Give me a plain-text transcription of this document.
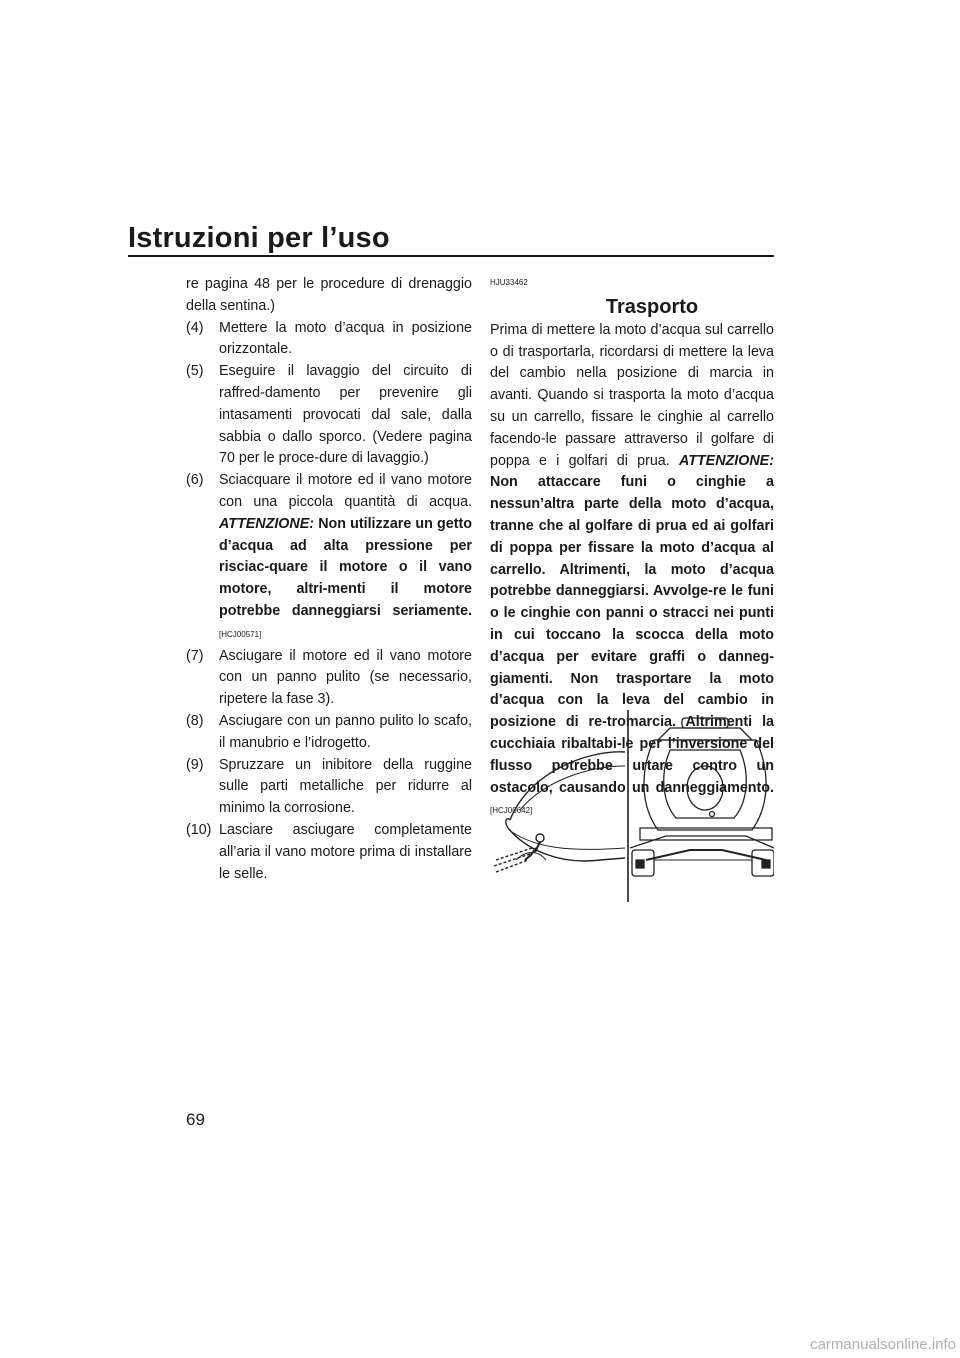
Istruzioni per l’uso

re pagina 48 per le procedure di drenaggio della sentina.)

(4) Mettere la moto d’acqua in posizione orizzontale.
(5) Eseguire il lavaggio del circuito di raffred-damento per prevenire gli intasamenti provocati dal sale, dalla sabbia o dallo sporco. (Vedere pagina 70 per le proce-dure di lavaggio.)
(6) Sciacquare il motore ed il vano motore con una piccola quantità di acqua. ATTENZIONE: Non utilizzare un getto d’acqua ad alta pressione per risciac-quare il motore o il vano motore, altri-menti il motore potrebbe danneggiarsi seriamente. [HCJ00571]
(7) Asciugare il motore ed il vano motore con un panno pulito (se necessario, ripetere la fase 3).
(8) Asciugare con un panno pulito lo scafo, il manubrio e l’idrogetto.
(9) Spruzzare un inibitore della ruggine sulle parti metalliche per ridurre al minimo la corrosione.
(10) Lasciare asciugare completamente all’aria il vano motore prima di installare le selle.
HJU33462
Trasporto

Prima di mettere la moto d’acqua sul carrello o di trasportarla, ricordarsi di mettere la leva del cambio nella posizione di marcia in avanti. Quando si trasporta la moto d’acqua su un carrello, fissare le cinghie al carrello facendo-le passare attraverso il golfare di poppa e i golfari di prua. ATTENZIONE: Non attaccare funi o cinghie a nessun’altra parte della moto d’acqua, tranne che al golfare di prua ed ai golfari di poppa per fissare la moto d’acqua al carrello. Altrimenti, la moto d’acqua potrebbe danneggiarsi. Avvolge-re le funi o le cinghie con panni o stracci nei punti in cui toccano la scocca della moto d’acqua per evitare graffi o danneg-giamenti. Non trasportare la moto d’acqua con la leva del cambio in posizione di re-tromarcia. Altrimenti la cucchiaia ribaltabi-le per l’inversione del flusso potrebbe urtare contro un ostacolo, causando un danneggiamento. [HCJ00642]

69
carmanualsonline.info
